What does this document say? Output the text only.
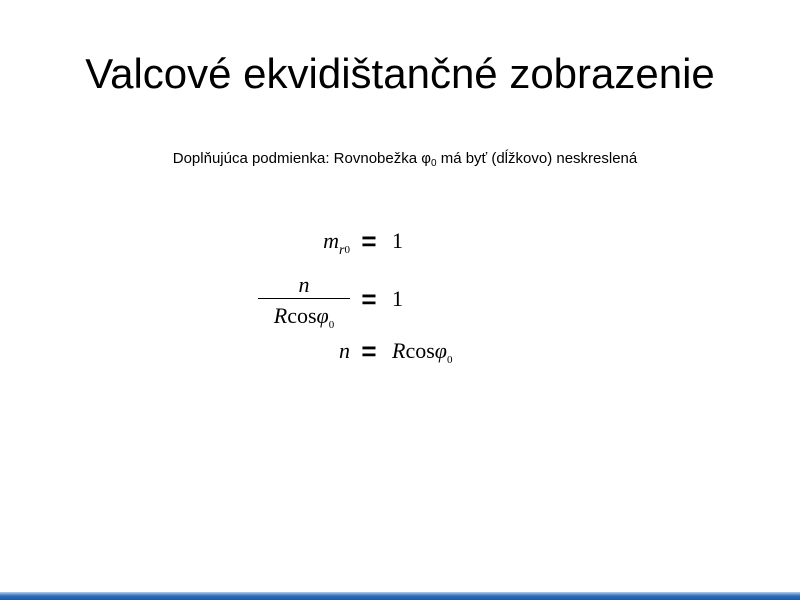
Valcové ekvidištančné zobrazenie
Doplňujúca podmienka: Rovnobežka $\varphi_0$ má byť (dĺžkovo) neskreslená
$m_{r0} = 1$
n
Rcosφ$_0$
= 1
n = Rcosφ$_0$
